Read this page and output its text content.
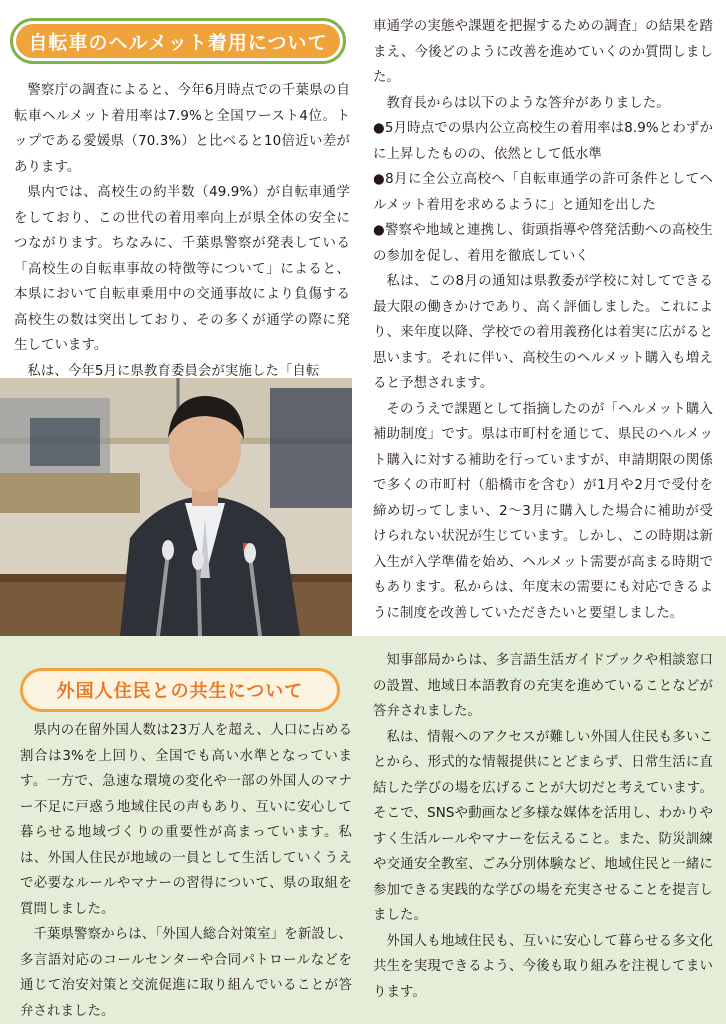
自転車のヘルメット着用について

警察庁の調査によると、今年6月時点での千葉県の自転車ヘルメット着用率は7.9%と全国ワースト4位。トップである愛媛県（70.3%）と比べると10倍近い差があります。

県内では、高校生の約半数（49.9%）が自転車通学をしており、この世代の着用率向上が県全体の安全につながります。ちなみに、千葉県警察が発表している「高校生の自転車事故の特徴等について」によると、本県において自転車乗用中の交通事故により負傷する高校生の数は突出しており、その多くが通学の際に発生しています。

私は、今年5月に県教育委員会が実施した「自転

車通学の実態や課題を把握するための調査」の結果を踏まえ、今後どのように改善を進めていくのか質問しました。

教育長からは以下のような答弁がありました。

●5月時点での県内公立高校生の着用率は8.9%とわずかに上昇したものの、依然として低水準

●8月に全公立高校へ「自転車通学の許可条件としてヘルメット着用を求めるように」と通知を出した

●警察や地域と連携し、街頭指導や啓発活動への高校生の参加を促し、着用を徹底していく

私は、この8月の通知は県教委が学校に対してできる最大限の働きかけであり、高く評価しました。これにより、来年度以降、学校での着用義務化は着実に広がると思います。それに伴い、高校生のヘルメット購入も増えると予想されます。

そのうえで課題として指摘したのが「ヘルメット購入補助制度」です。県は市町村を通じて、県民のヘルメット購入に対する補助を行っていますが、申請期限の関係で多くの市町村（船橋市を含む）が1月や2月で受付を締め切ってしまい、2〜3月に購入した場合に補助が受けられない状況が生じています。しかし、この時期は新入生が入学準備を始め、ヘルメット需要が高まる時期でもあります。私からは、年度末の需要にも対応できるように制度を改善していただきたいと要望しました。

外国人住民との共生について

県内の在留外国人数は23万人を超え、人口に占める割合は3%を上回り、全国でも高い水準となっています。一方で、急速な環境の変化や一部の外国人のマナー不足に戸惑う地域住民の声もあり、互いに安心して暮らせる地域づくりの重要性が高まっています。私は、外国人住民が地域の一員として生活していくうえで必要なルールやマナーの習得について、県の取組を質問しました。

千葉県警察からは、「外国人総合対策室」を新設し、多言語対応のコールセンターや合同パトロールなどを通じて治安対策と交流促進に取り組んでいることが答弁されました。

知事部局からは、多言語生活ガイドブックや相談窓口の設置、地域日本語教育の充実を進めていることなどが答弁されました。

私は、情報へのアクセスが難しい外国人住民も多いことから、形式的な情報提供にとどまらず、日常生活に直結した学びの場を広げることが大切だと考えています。そこで、SNSや動画など多様な媒体を活用し、わかりやすく生活ルールやマナーを伝えること。また、防災訓練や交通安全教室、ごみ分別体験など、地域住民と一緒に参加できる実践的な学びの場を充実させることを提言しました。

外国人も地域住民も、互いに安心して暮らせる多文化共生を実現できるよう、今後も取り組みを注視してまいります。
